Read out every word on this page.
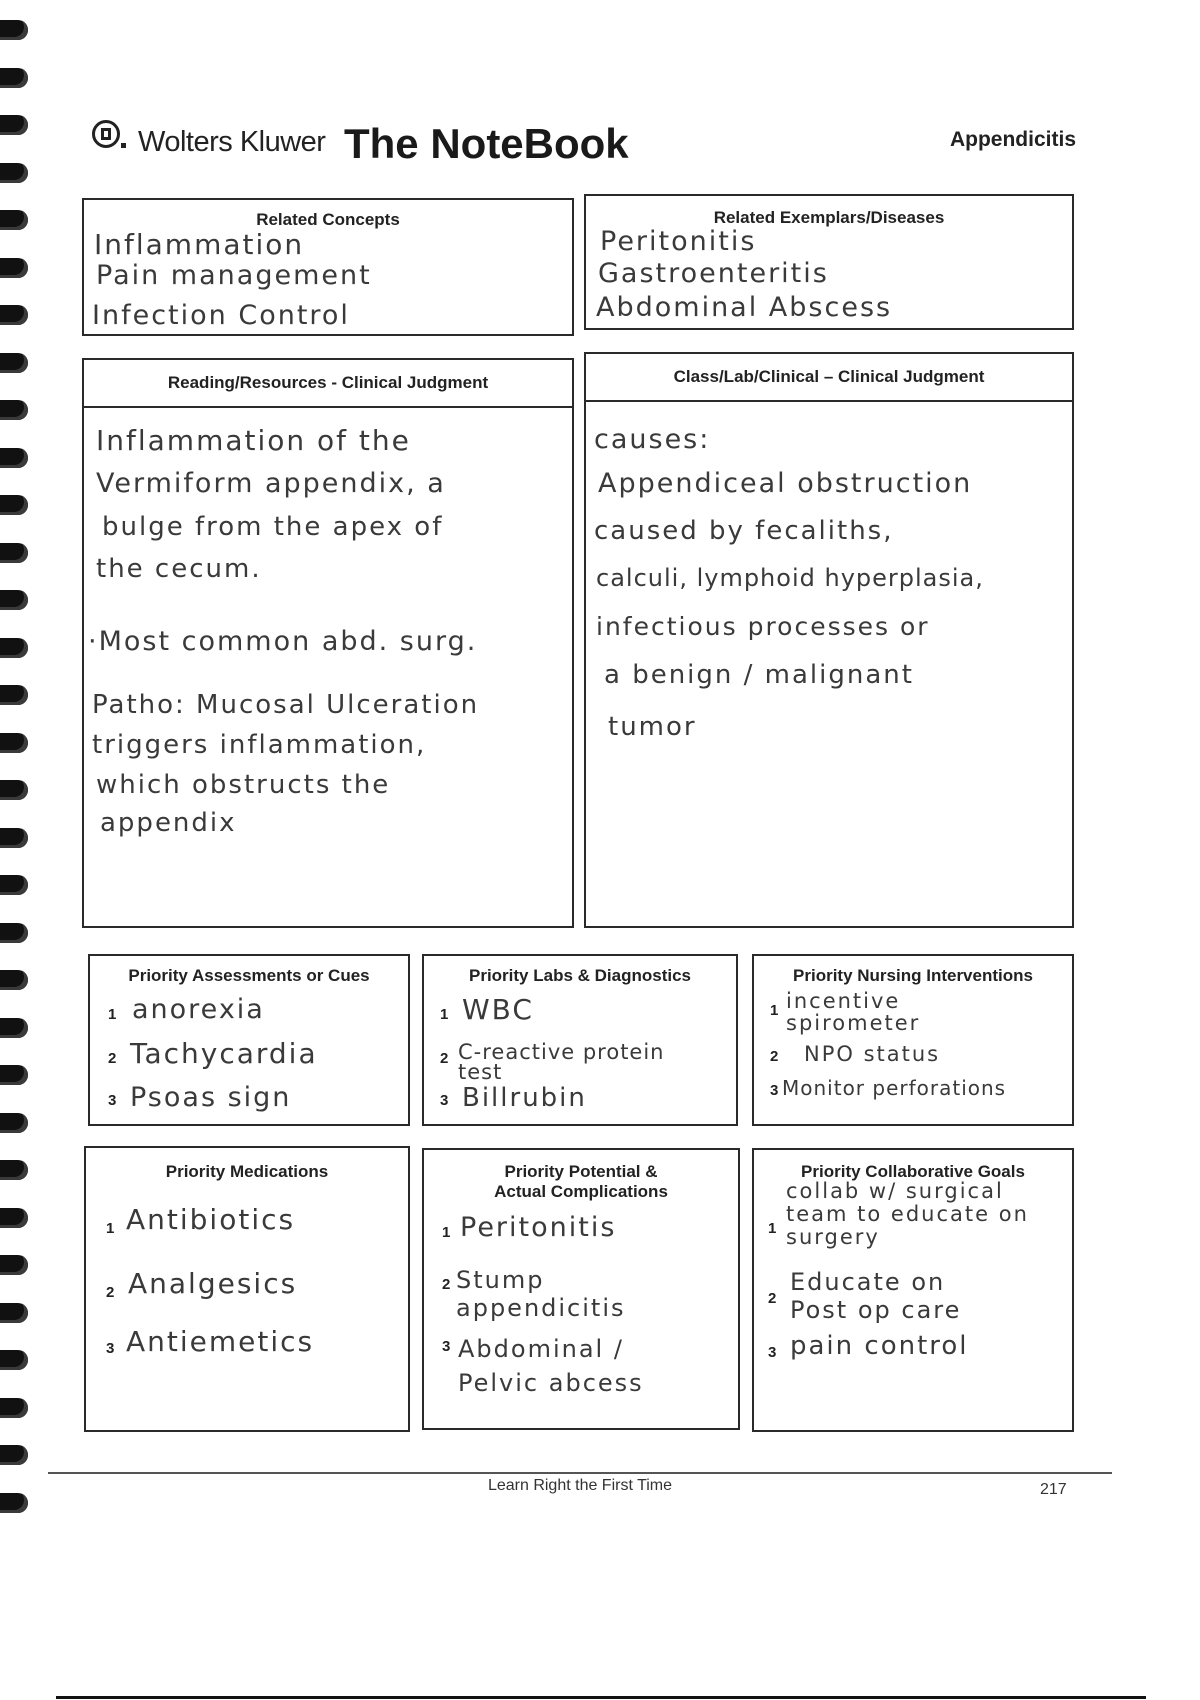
Wolters Kluwer The NoteBook	Appendicitis
Related Concepts
Inflammation
Pain management
Infection Control
Related Exemplars/Diseases
Peritonitis
Gastroenteritis
Abdominal Abscess
Reading/Resources - Clinical Judgment
Inflammation of the
Vermiform appendix, a
bulge from the apex of
the cecum.
·Most common abd. surg.
Patho: Mucosal Ulceration
triggers inflammation,
which obstructs the
appendix
Class/Lab/Clinical – Clinical Judgment
causes:
Appendiceal obstruction
caused by fecaliths,
calculi, lymphoid hyperplasia,
infectious processes or
a benign / malignant
tumor
Priority Assessments or Cues
1 anorexia
2 Tachycardia
3 Psoas sign
Priority Labs & Diagnostics
1 WBC
2 C-reactive protein test
3 Billrubin
Priority Nursing Interventions
1 incentive spirometer
2 NPO status
3 Monitor perforations
Priority Medications
1 Antibiotics
2 Analgesics
3 Antiemetics
Priority Potential &
Actual Complications
1 Peritonitis
2 Stump appendicitis
3 Abdominal / Pelvic abcess
Priority Collaborative Goals
1
collab w/ surgical team to educate on surgery
2
Educate on Post op care
3 pain control
Learn Right the First Time	217
